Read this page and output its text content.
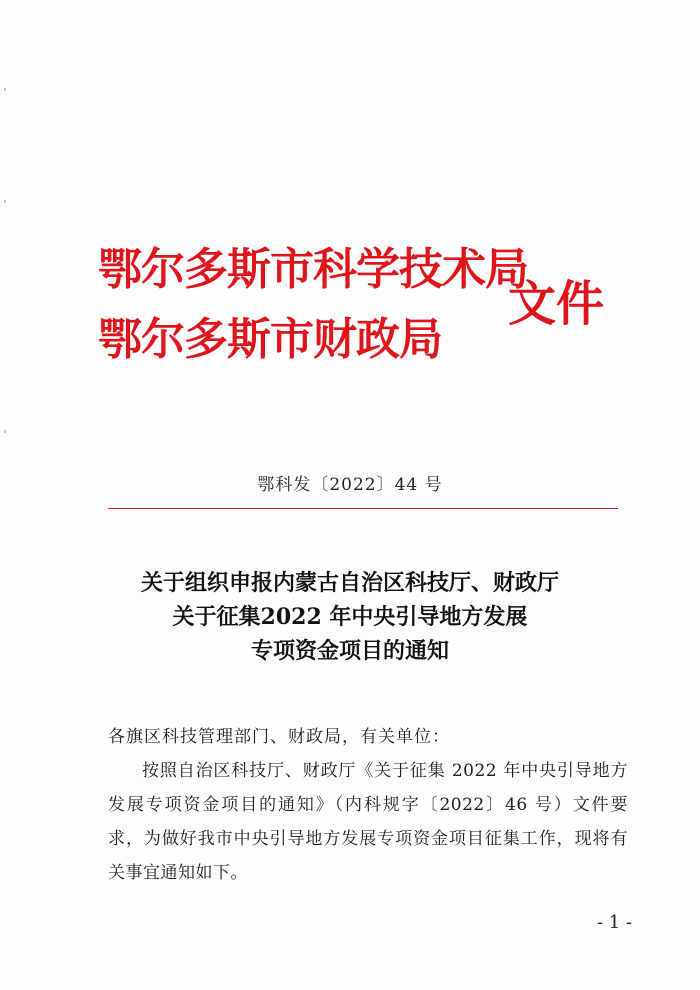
鄂尔多斯市科学技术局
鄂尔多斯市财政局
文件
鄂科发〔2022〕44 号
关于组织申报内蒙古自治区科技厅、财政厅
关于征集2022 年中央引导地方发展
专项资金项目的通知
各旗区科技管理部门、财政局，有关单位：
按照自治区科技厅、财政厅《关于征集 2022 年中央引导地方发展专项资金项目的通知》（内科规字〔2022〕46 号）文件要求，为做好我市中央引导地方发展专项资金项目征集工作，现将有关事宜通知如下。
- 1 -
